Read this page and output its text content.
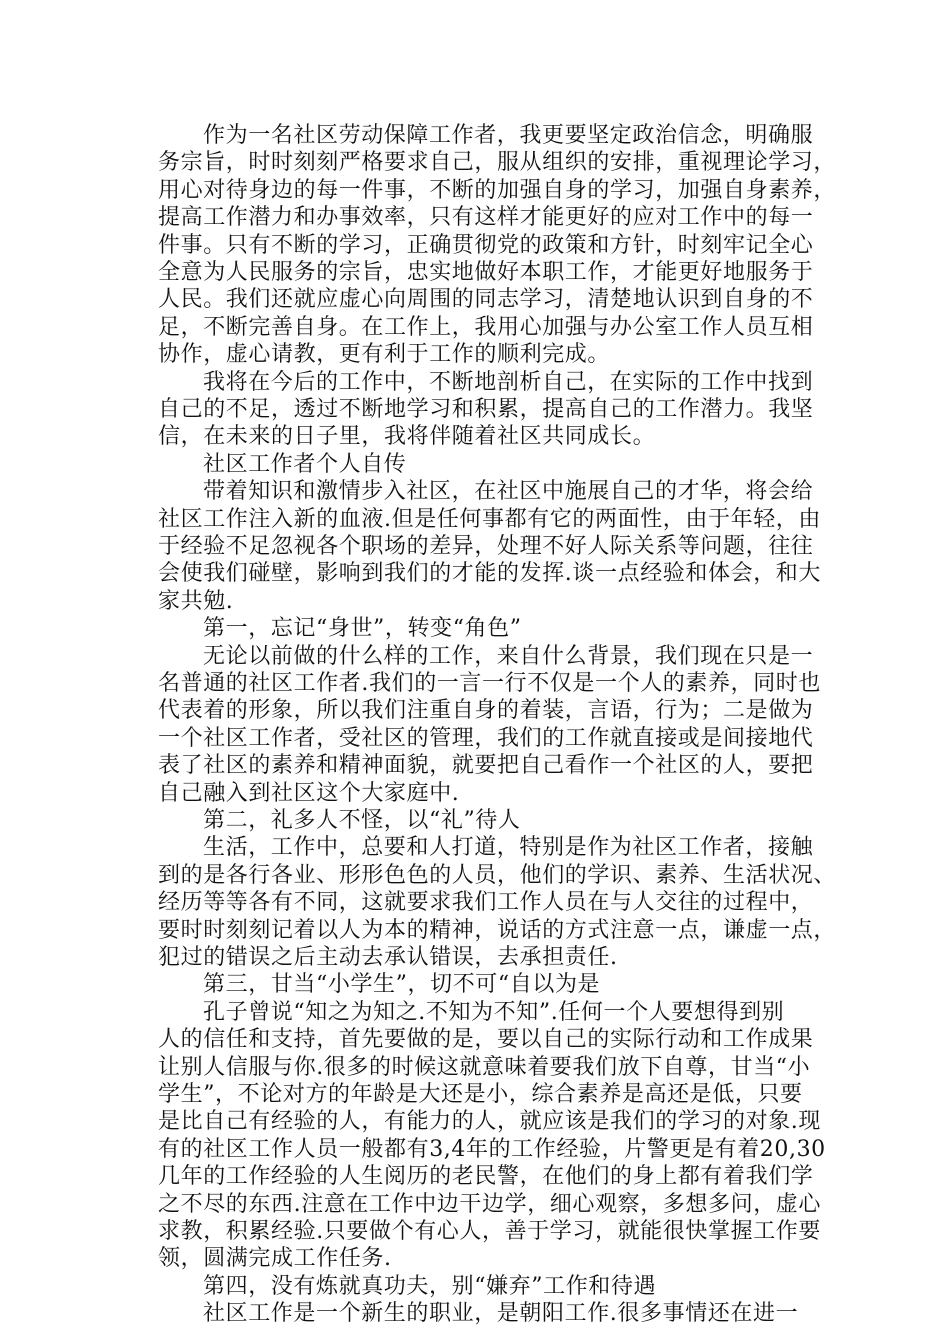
作为一名社区劳动保障工作者，我更要坚定政治信念，明确服
务宗旨，时时刻刻严格要求自己，服从组织的安排，重视理论学习，
用心对待身边的每一件事，不断的加强自身的学习，加强自身素养，
提高工作潜力和办事效率，只有这样才能更好的应对工作中的每一
件事。只有不断的学习，正确贯彻党的政策和方针，时刻牢记全心
全意为人民服务的宗旨，忠实地做好本职工作，才能更好地服务于
人民。我们还就应虚心向周围的同志学习，清楚地认识到自身的不
足，不断完善自身。在工作上，我用心加强与办公室工作人员互相
协作，虚心请教，更有利于工作的顺利完成。
我将在今后的工作中，不断地剖析自己，在实际的工作中找到
自己的不足，透过不断地学习和积累，提高自己的工作潜力。我坚
信，在未来的日子里，我将伴随着社区共同成长。
社区工作者个人自传
带着知识和激情步入社区，在社区中施展自己的才华，将会给
社区工作注入新的血液.但是任何事都有它的两面性，由于年轻，由
于经验不足忽视各个职场的差异，处理不好人际关系等问题，往往
会使我们碰壁，影响到我们的才能的发挥.谈一点经验和体会，和大
家共勉.
第一，忘记“身世”，转变“角色”
无论以前做的什么样的工作，来自什么背景，我们现在只是一
名普通的社区工作者.我们的一言一行不仅是一个人的素养，同时也
代表着的形象，所以我们注重自身的着装，言语，行为；二是做为
一个社区工作者，受社区的管理，我们的工作就直接或是间接地代
表了社区的素养和精神面貌，就要把自己看作一个社区的人，要把
自己融入到社区这个大家庭中.
第二，礼多人不怪，以“礼”待人
生活，工作中，总要和人打道，特别是作为社区工作者，接触
到的是各行各业、形形色色的人员，他们的学识、素养、生活状况、
经历等等各有不同，这就要求我们工作人员在与人交往的过程中，
要时时刻刻记着以人为本的精神，说话的方式注意一点，谦虚一点，
犯过的错误之后主动去承认错误，去承担责任.
第三，甘当“小学生”，切不可“自以为是
孔子曾说“知之为知之.不知为不知”.任何一个人要想得到别
人的信任和支持，首先要做的是，要以自己的实际行动和工作成果
让别人信服与你.很多的时候这就意味着要我们放下自尊，甘当“小
学生”，不论对方的年龄是大还是小，综合素养是高还是低，只要
是比自己有经验的人，有能力的人，就应该是我们的学习的对象.现
有的社区工作人员一般都有3,4年的工作经验，片警更是有着20,30
几年的工作经验的人生阅历的老民警，在他们的身上都有着我们学
之不尽的东西.注意在工作中边干边学，细心观察，多想多问，虚心
求教，积累经验.只要做个有心人，善于学习，就能很快掌握工作要
领，圆满完成工作任务.
第四，没有炼就真功夫，别“嫌弃”工作和待遇
社区工作是一个新生的职业，是朝阳工作.很多事情还在进一
